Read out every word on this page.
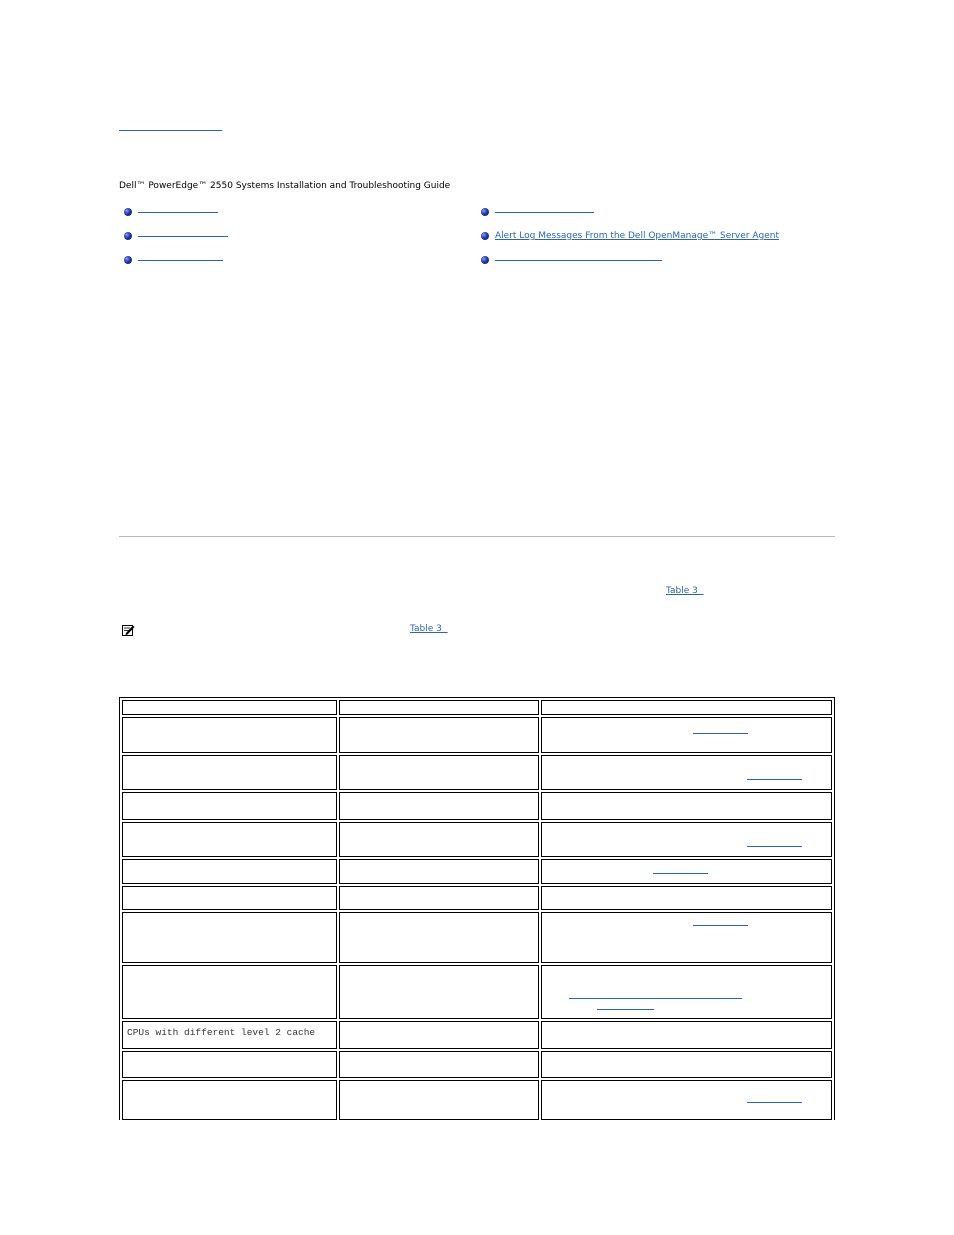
Dell™ PowerEdge™ 2550 Systems Installation and Troubleshooting Guide
Alert Log Messages From the Dell OpenManage™ Server Agent
Table 3
Table 3

CPUs with different level 2 cache		
